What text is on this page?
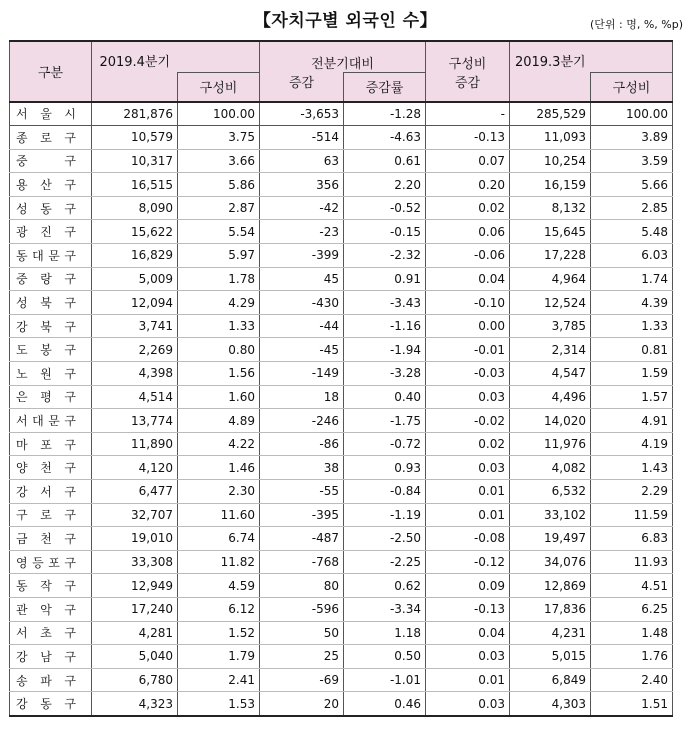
【자치구별 외국인 수】	(단위 : 명, %, %p)
구분	2019.4분기		전분기대비		구성비	2019.3분기	
		구성비	증감	증감률	증감		구성비

서 울 시	281,876	100.00	-3,653	-1.28	-	285,529	100.00

종 로 구	10,579	3.75	-514	-4.63	-0.13	11,093	3.89

중 구	10,317	3.66	63	0.61	0.07	10,254	3.59

용 산 구	16,515	5.86	356	2.20	0.20	16,159	5.66

성 동 구	8,090	2.87	-42	-0.52	0.02	8,132	2.85

광 진 구	15,622	5.54	-23	-0.15	0.06	15,645	5.48

동 대 문 구	16,829	5.97	-399	-2.32	-0.06	17,228	6.03

중 랑 구	5,009	1.78	45	0.91	0.04	4,964	1.74

성 북 구	12,094	4.29	-430	-3.43	-0.10	12,524	4.39

강 북 구	3,741	1.33	-44	-1.16	0.00	3,785	1.33

도 봉 구	2,269	0.80	-45	-1.94	-0.01	2,314	0.81

노 원 구	4,398	1.56	-149	-3.28	-0.03	4,547	1.59

은 평 구	4,514	1.60	18	0.40	0.03	4,496	1.57

서 대 문 구	13,774	4.89	-246	-1.75	-0.02	14,020	4.91

마 포 구	11,890	4.22	-86	-0.72	0.02	11,976	4.19

양 천 구	4,120	1.46	38	0.93	0.03	4,082	1.43

강 서 구	6,477	2.30	-55	-0.84	0.01	6,532	2.29

구 로 구	32,707	11.60	-395	-1.19	0.01	33,102	11.59

금 천 구	19,010	6.74	-487	-2.50	-0.08	19,497	6.83

영 등 포 구	33,308	11.82	-768	-2.25	-0.12	34,076	11.93

동 작 구	12,949	4.59	80	0.62	0.09	12,869	4.51

관 악 구	17,240	6.12	-596	-3.34	-0.13	17,836	6.25

서 초 구	4,281	1.52	50	1.18	0.04	4,231	1.48

강 남 구	5,040	1.79	25	0.50	0.03	5,015	1.76

송 파 구	6,780	2.41	-69	-1.01	0.01	6,849	2.40

강 동 구	4,323	1.53	20	0.46	0.03	4,303	1.51
